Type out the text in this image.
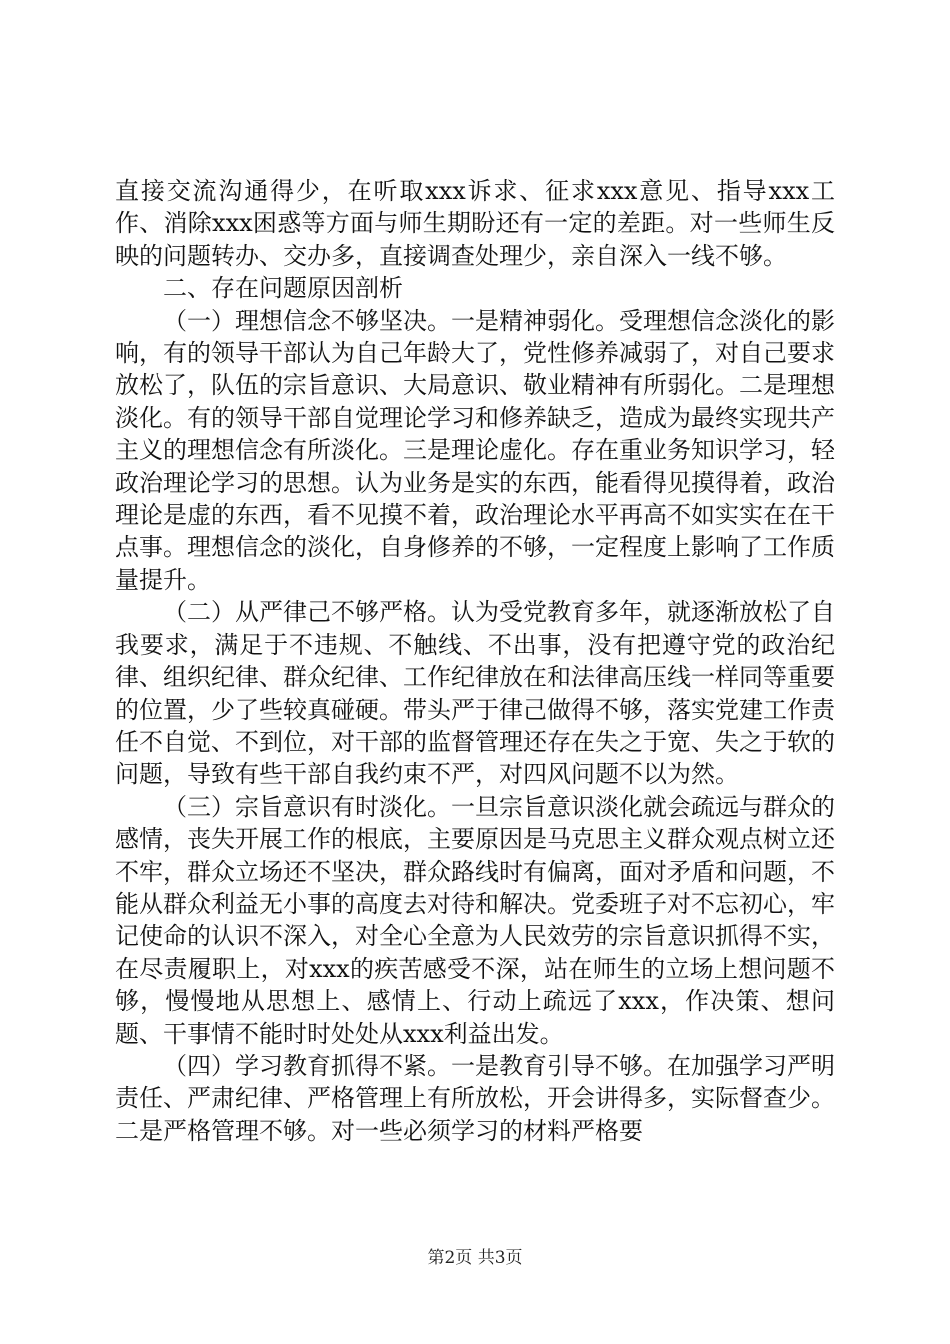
直接交流沟通得少，在听取xxx诉求、征求xxx意见、指导xxx工作、消除xxx困惑等方面与师生期盼还有一定的差距。对一些师生反映的问题转办、交办多，直接调查处理少，亲自深入一线不够。

二、存在问题原因剖析

（一）理想信念不够坚决。一是精神弱化。受理想信念淡化的影响，有的领导干部认为自己年龄大了，党性修养减弱了，对自己要求放松了，队伍的宗旨意识、大局意识、敬业精神有所弱化。二是理想淡化。有的领导干部自觉理论学习和修养缺乏，造成为最终实现共产主义的理想信念有所淡化。三是理论虚化。存在重业务知识学习，轻政治理论学习的思想。认为业务是实的东西，能看得见摸得着，政治理论是虚的东西，看不见摸不着，政治理论水平再高不如实实在在干点事。理想信念的淡化，自身修养的不够，一定程度上影响了工作质量提升。

（二）从严律己不够严格。认为受党教育多年，就逐渐放松了自我要求，满足于不违规、不触线、不出事，没有把遵守党的政治纪律、组织纪律、群众纪律、工作纪律放在和法律高压线一样同等重要的位置，少了些较真碰硬。带头严于律己做得不够，落实党建工作责任不自觉、不到位，对干部的监督管理还存在失之于宽、失之于软的问题，导致有些干部自我约束不严，对四风问题不以为然。

（三）宗旨意识有时淡化。一旦宗旨意识淡化就会疏远与群众的感情，丧失开展工作的根底，主要原因是马克思主义群众观点树立还不牢，群众立场还不坚决，群众路线时有偏离，面对矛盾和问题，不能从群众利益无小事的高度去对待和解决。党委班子对不忘初心，牢记使命的认识不深入，对全心全意为人民效劳的宗旨意识抓得不实，在尽责履职上，对xxx的疾苦感受不深，站在师生的立场上想问题不够，慢慢地从思想上、感情上、行动上疏远了xxx，作决策、想问题、干事情不能时时处处从xxx利益出发。

（四）学习教育抓得不紧。一是教育引导不够。在加强学习严明责任、严肃纪律、严格管理上有所放松，开会讲得多，实际督查少。二是严格管理不够。对一些必须学习的材料严格要

第2页 共3页
